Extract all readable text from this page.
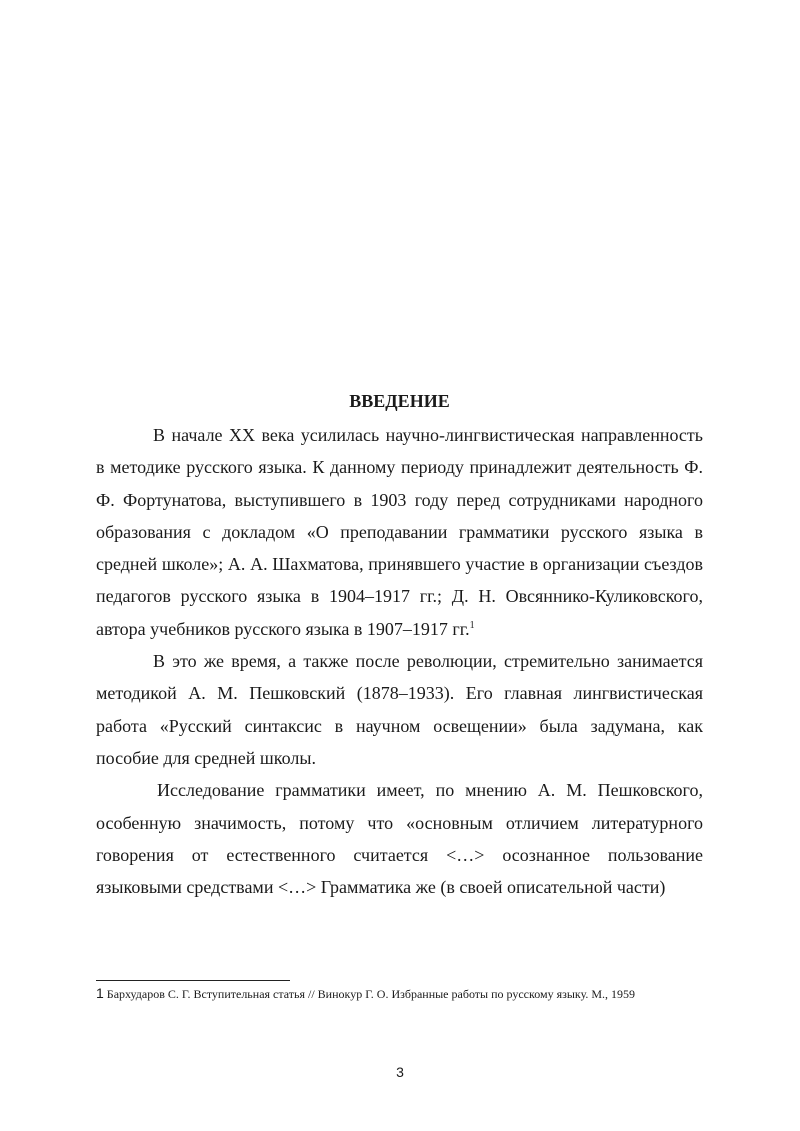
ВВЕДЕНИЕ

В начале XX века усилилась научно-лингвистическая направленность в методике русского языка. К данному периоду принадлежит деятельность Ф. Ф. Фортунатова, выступившего в 1903 году перед сотрудниками народного образования с докладом «О преподавании грамматики русского языка в средней школе»; А. А. Шахматова, принявшего участие в организации съездов педагогов русского языка в 1904–1917 гг.; Д. Н. Овсяннико-Куликовского, автора учебников русского языка в 1907–1917 гг.$^1$

В это же время, а также после революции, стремительно занимается методикой А. М. Пешковский (1878–1933). Его главная лингвистическая работа «Русский синтаксис в научном освещении» была задумана, как пособие для средней школы.

Исследование грамматики имеет, по мнению А. М. Пешковского, особенную значимость, потому что «основным отличием литературного говорения от естественного считается <…> осознанное пользование языковыми средствами <…> Грамматика же (в своей описательной части)

1 Бархударов С. Г. Вступительная статья // Винокур Г. О. Избранные работы по русскому языку. М., 1959
3
